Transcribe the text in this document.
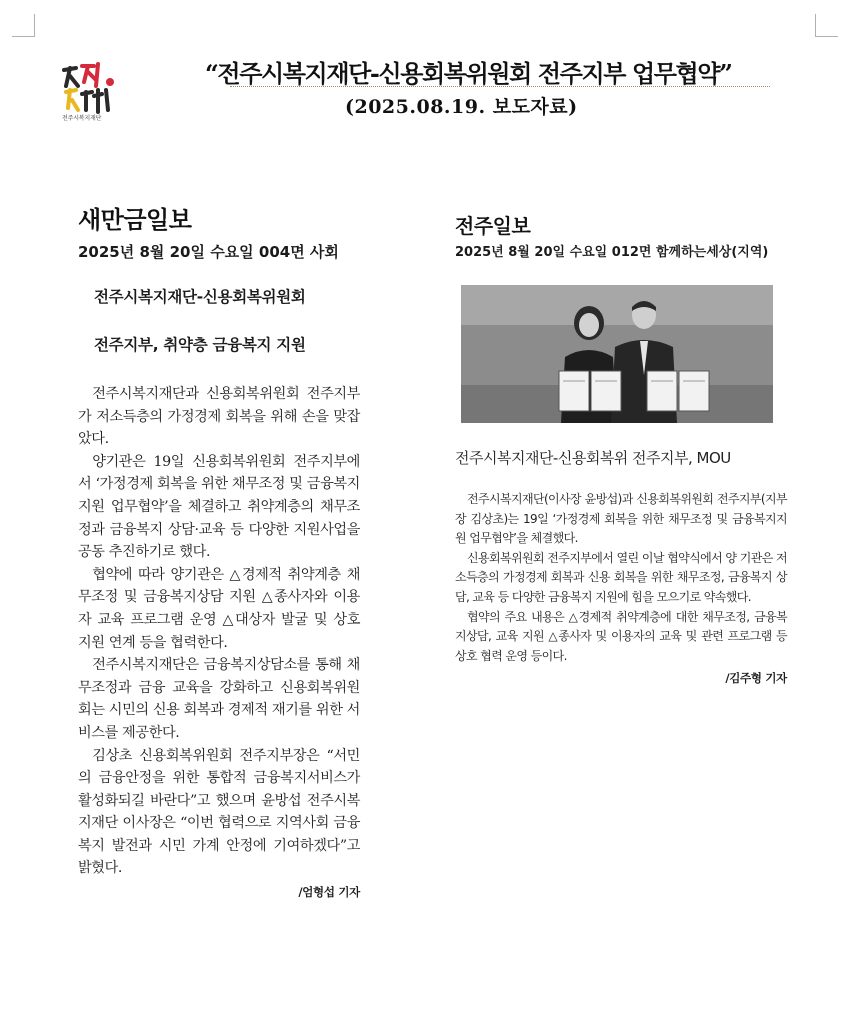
전주시복지재단
“전주시복지재단-신용회복위원회 전주지부 업무협약”
(2025.08.19. 보도자료)
새만금일보
2025년 8월 20일 수요일 004면 사회
전주시복지재단-신용회복위원회
전주지부, 취약층 금융복지 지원

전주시복지재단과 신용회복위원회 전주지부가 저소득층의 가정경제 회복을 위해 손을 맞잡았다.

양기관은 19일 신용회복위원회 전주지부에서 ‘가정경제 회복을 위한 채무조정 및 금융복지지원 업무협약’을 체결하고 취약계층의 채무조정과 금융복지 상담·교육 등 다양한 지원사업을 공동 추진하기로 했다.

협약에 따라 양기관은 △경제적 취약계층 채무조정 및 금융복지상담 지원 △종사자와 이용자 교육 프로그램 운영 △대상자 발굴 및 상호 지원 연계 등을 협력한다.

전주시복지재단은 금융복지상담소를 통해 채무조정과 금융 교육을 강화하고 신용회복위원회는 시민의 신용 회복과 경제적 재기를 위한 서비스를 제공한다.

김상초 신용회복위원회 전주지부장은 “서민의 금융안정을 위한 통합적 금융복지서비스가 활성화되길 바란다”고 했으며 윤방섭 전주시복지재단 이사장은 “이번 협력으로 지역사회 금융복지 발전과 시민 가계 안정에 기여하겠다”고 밝혔다.

/엄형섭 기자
전주일보
2025년 8월 20일 수요일 012면 함께하는세상(지역)
전주시복지재단-신용회복위 전주지부, MOU

전주시복지재단(이사장 윤방섭)과 신용회복위원회 전주지부(지부장 김상초)는 19일 ‘가정경제 회복을 위한 채무조정 및 금융복지지원 업무협약’을 체결했다.

신용회복위원회 전주지부에서 열린 이날 협약식에서 양 기관은 저소득층의 가정경제 회복과 신용 회복을 위한 채무조정, 금융복지 상담, 교육 등 다양한 금융복지 지원에 힘을 모으기로 약속했다.

협약의 주요 내용은 △경제적 취약계층에 대한 채무조정, 금융복지상담, 교육 지원 △종사자 및 이용자의 교육 및 관련 프로그램 등 상호 협력 운영 등이다.

/김주형 기자
